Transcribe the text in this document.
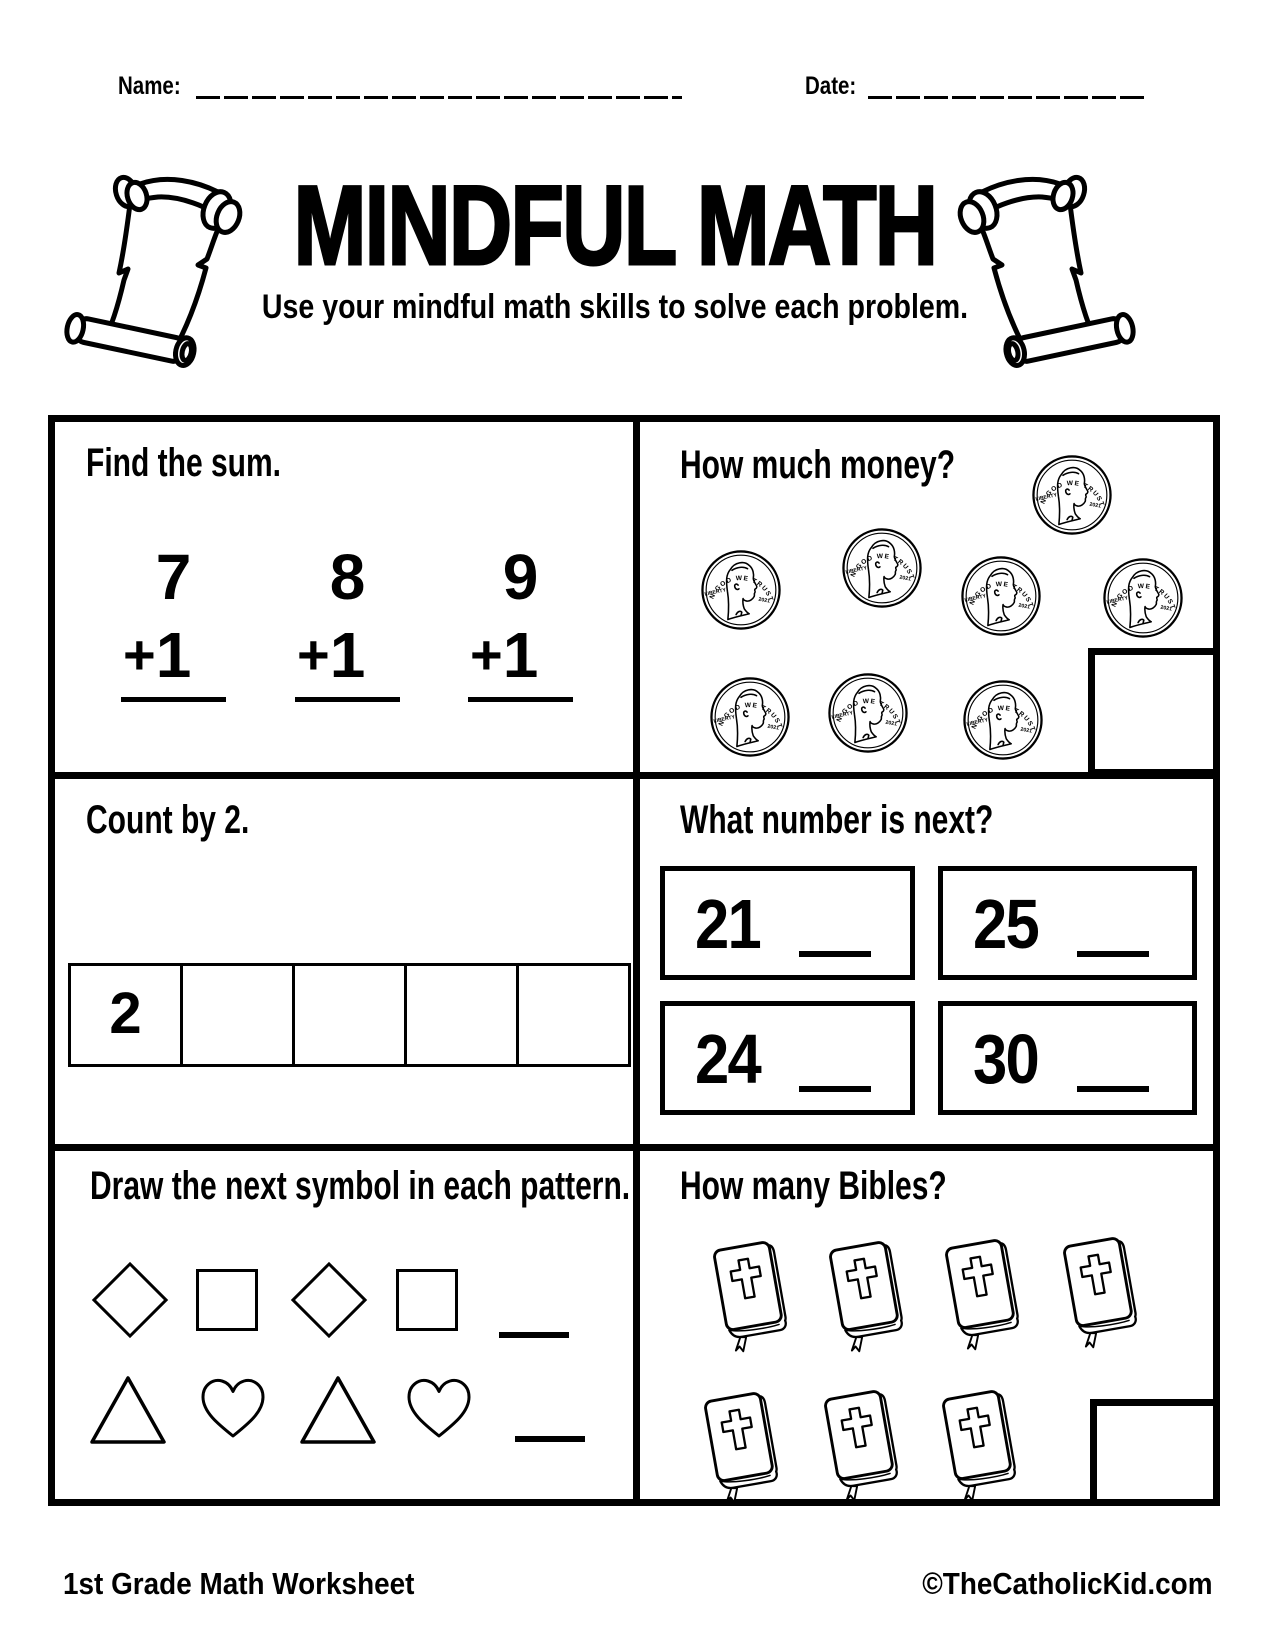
Name:	Date:
MINDFUL MATH
Use your mindful math skills to solve each problem.
Find the sum.
7
+ 1
8
+ 1
9
+ 1
How much money?
Count by 2.	What number is next?
21	25
24	30
Draw the next symbol in each pattern. How many Bibles?
1st Grade Math Worksheet	©TheCatholicKid.com
2
